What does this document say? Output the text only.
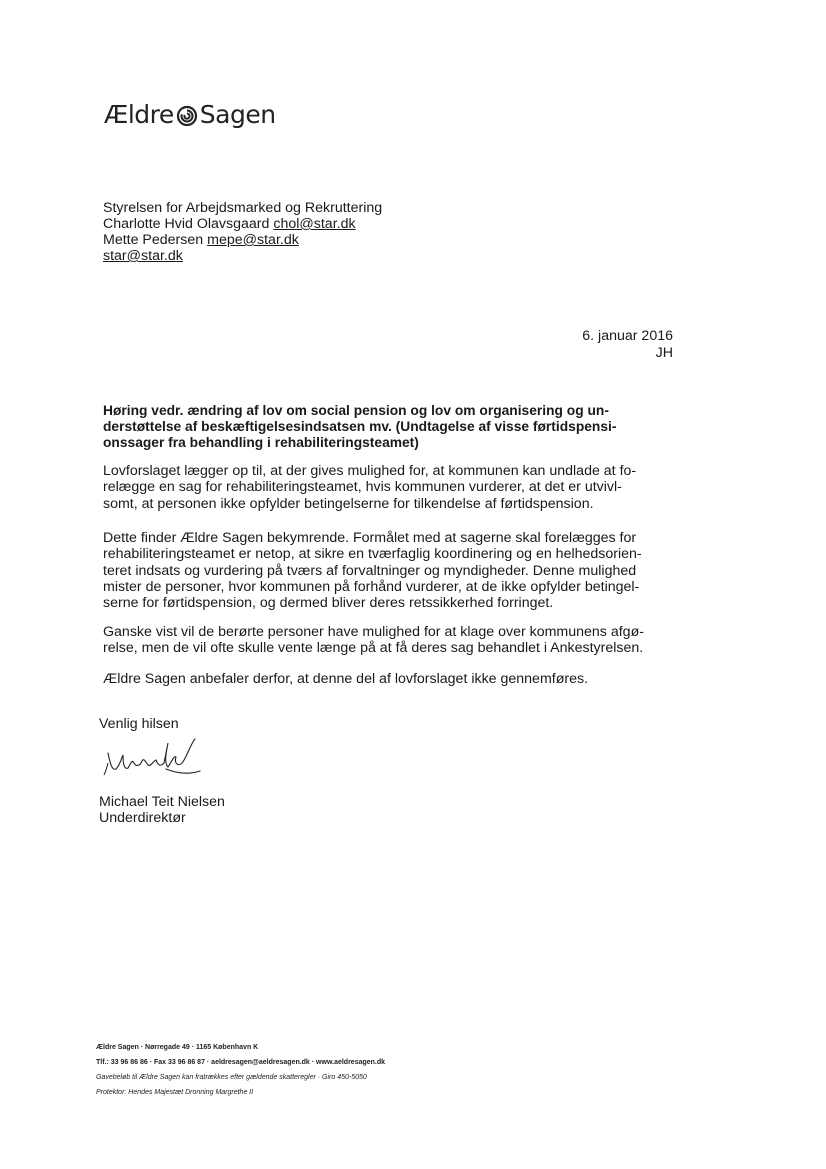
Ældre Sagen
Styrelsen for Arbejdsmarked og Rekruttering
Charlotte Hvid Olavsgaard chol@star.dk
Mette Pedersen mepe@star.dk
star@star.dk
6. januar 2016
JH
Høring vedr. ændring af lov om social pension og lov om organisering og un-
derstøttelse af beskæftigelsesindsatsen mv. (Undtagelse af visse førtidspensi-
onssager fra behandling i rehabiliteringsteamet)
Lovforslaget lægger op til, at der gives mulighed for, at kommunen kan undlade at fo-
relægge en sag for rehabiliteringsteamet, hvis kommunen vurderer, at det er utvivl-
somt, at personen ikke opfylder betingelserne for tilkendelse af førtidspension.
Dette finder Ældre Sagen bekymrende. Formålet med at sagerne skal forelægges for
rehabiliteringsteamet er netop, at sikre en tværfaglig koordinering og en helhedsorien-
teret indsats og vurdering på tværs af forvaltninger og myndigheder. Denne mulighed
mister de personer, hvor kommunen på forhånd vurderer, at de ikke opfylder betingel-
serne for førtidspension, og dermed bliver deres retssikkerhed forringet.
Ganske vist vil de berørte personer have mulighed for at klage over kommunens afgø-
relse, men de vil ofte skulle vente længe på at få deres sag behandlet i Ankestyrelsen.
Ældre Sagen anbefaler derfor, at denne del af lovforslaget ikke gennemføres.
Venlig hilsen
Michael Teit Nielsen
Underdirektør
Ældre Sagen · Nørregade 49 · 1165 København K
Tlf.: 33 96 86 86 · Fax 33 96 86 87 · aeldresagen@aeldresagen.dk · www.aeldresagen.dk
Gavebeløb til Ældre Sagen kan fratrækkes efter gældende skatteregler · Giro 450-5050
Protektor: Hendes Majestæt Dronning Margrethe II
